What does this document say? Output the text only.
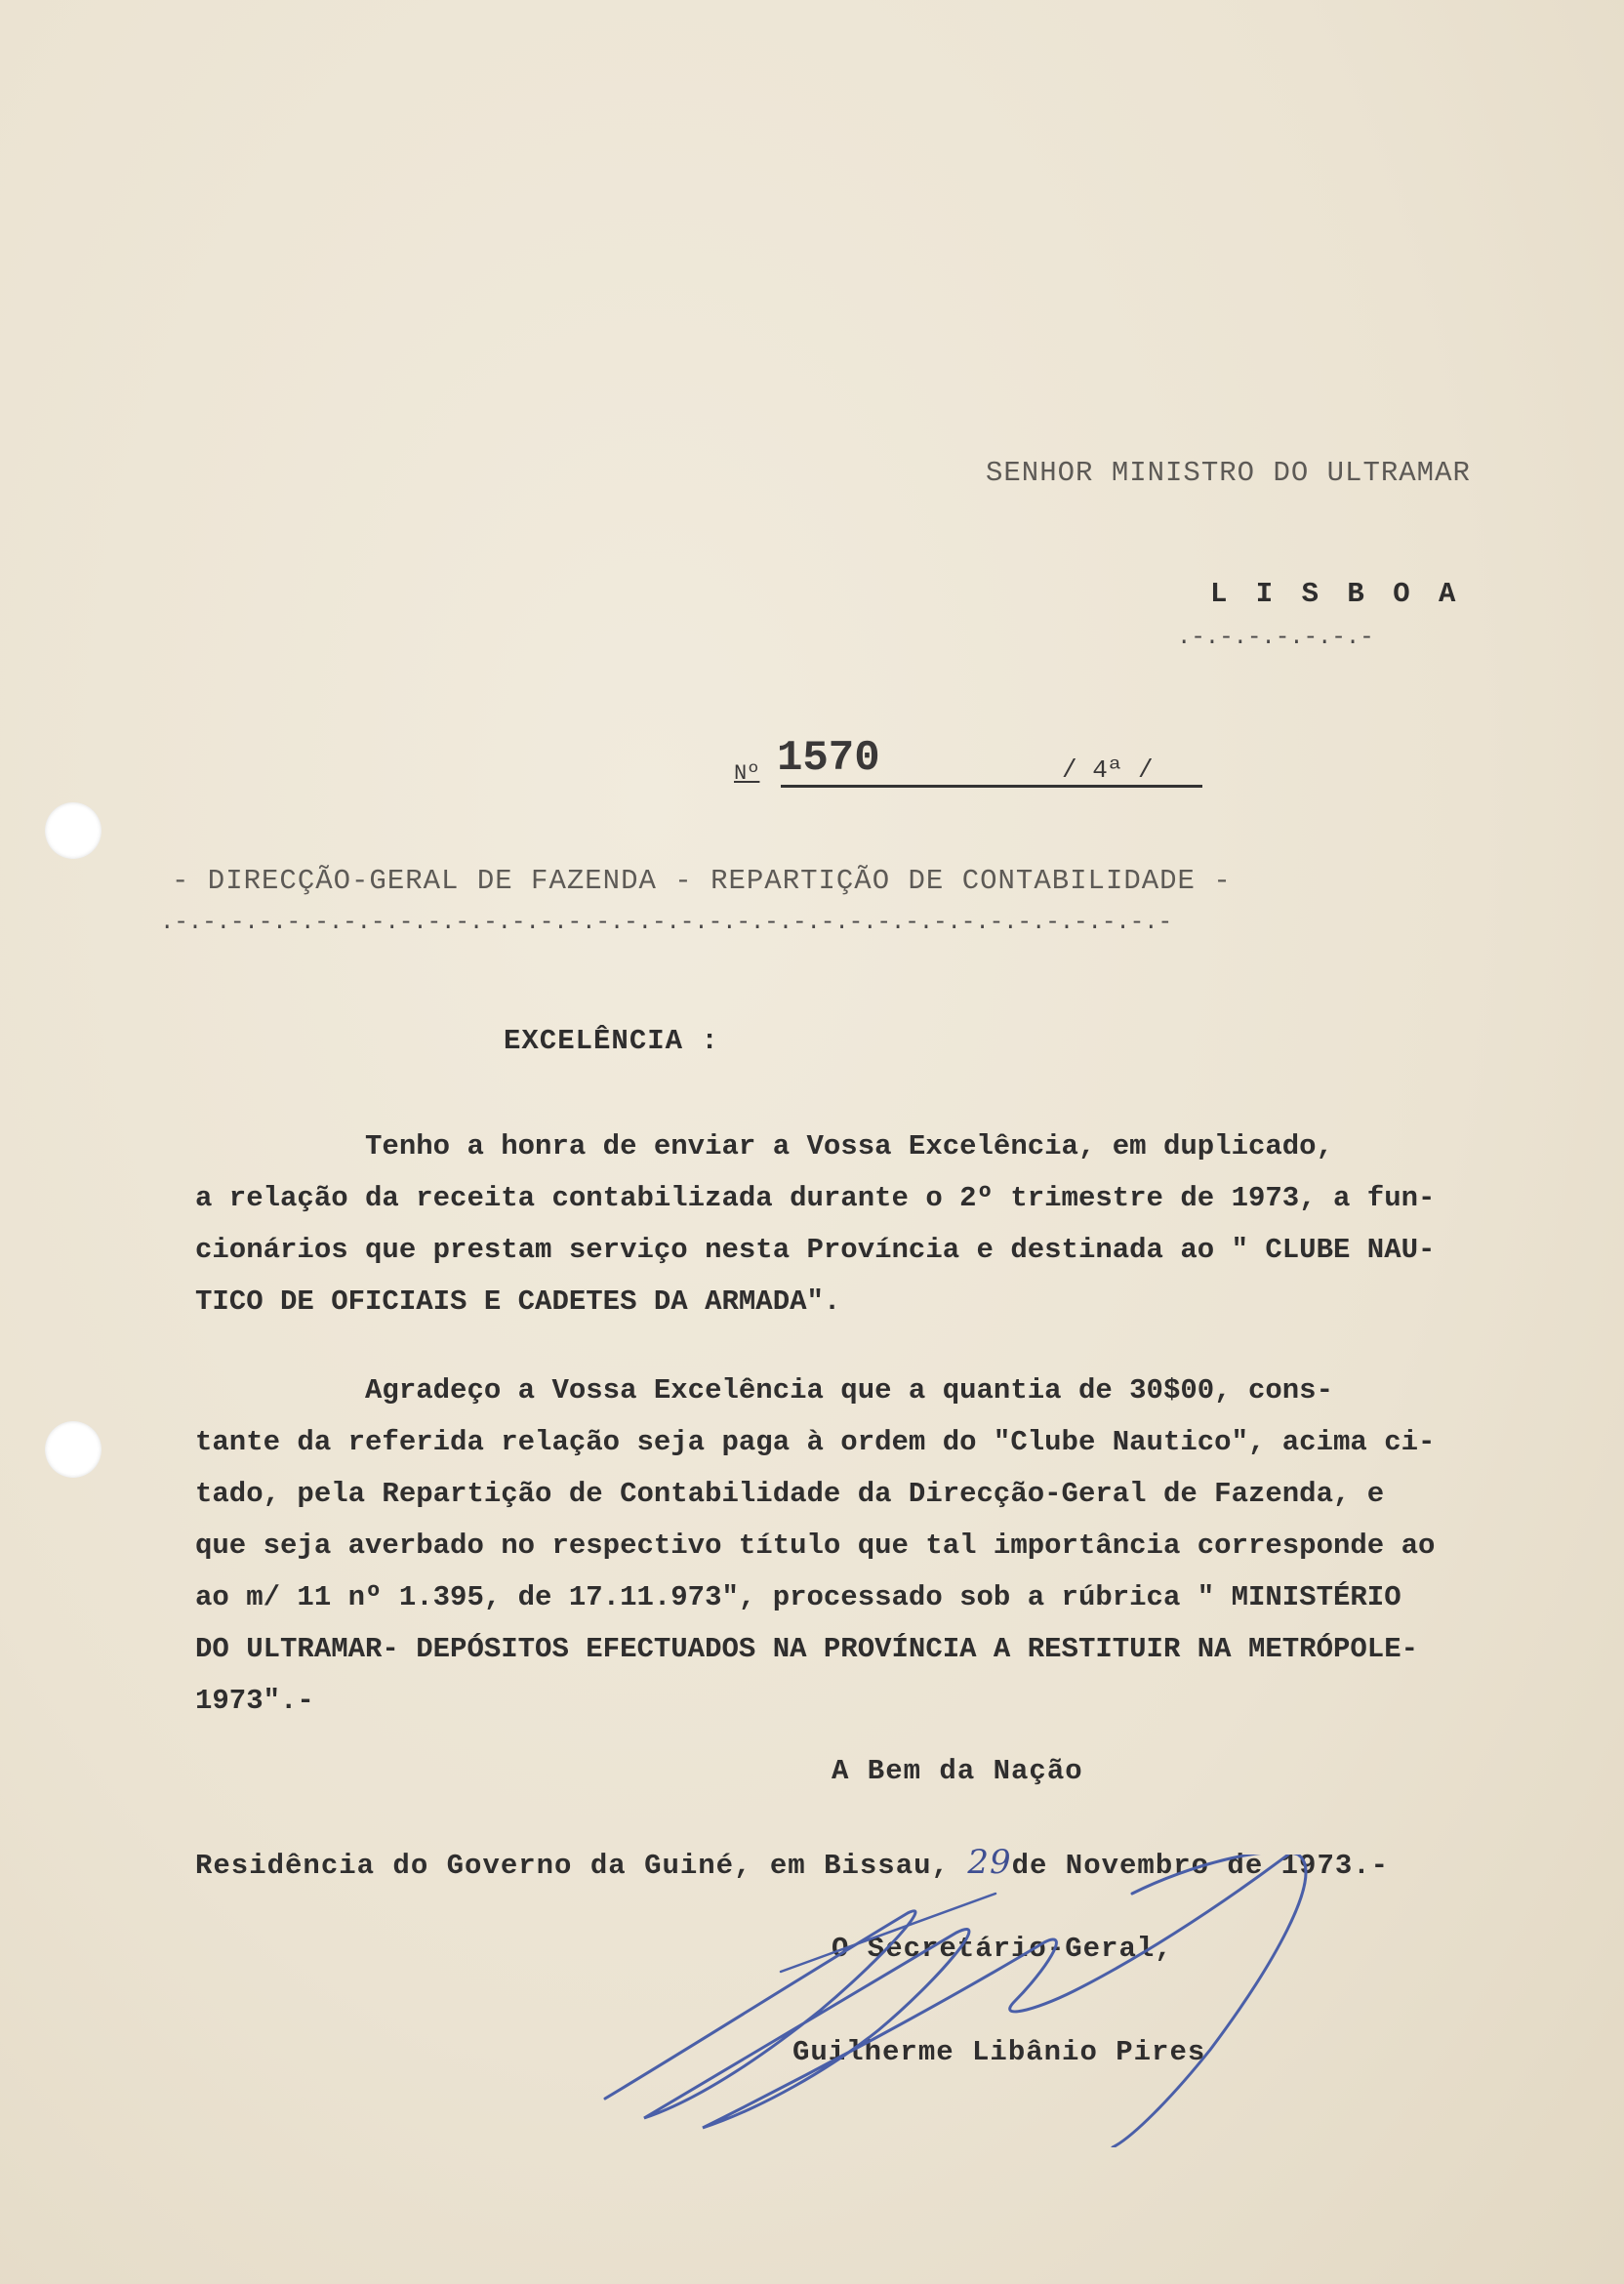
SENHOR MINISTRO DO ULTRAMAR
L I S B O A
.-.-.-.-.-.-.-
Nº 1570	/ 4ª /
- DIRECÇÃO-GERAL DE FAZENDA - REPARTIÇÃO DE CONTABILIDADE -
.-.-.-.-.-.-.-.-.-.-.-.-.-.-.-.-.-.-.-.-.-.-.-.-.-.-.-.-.-.-.-.-.-.-.-.-
EXCELÊNCIA :
Tenho a honra de enviar a Vossa Excelência, em duplicado,
a relação da receita contabilizada durante o 2º trimestre de 1973, a fun-
cionários que prestam serviço nesta Província e destinada ao " CLUBE NAU-
TICO DE OFICIAIS E CADETES DA ARMADA".
Agradeço a Vossa Excelência que a quantia de 30$00, cons-
tante da referida relação seja paga à ordem do "Clube Nautico", acima ci-
tado, pela Repartição de Contabilidade da Direcção-Geral de Fazenda, e
que seja averbado no respectivo título que tal importância corresponde ao
ao m/ 11 nº 1.395, de 17.11.973", processado sob a rúbrica " MINISTÉRIO
DO ULTRAMAR- DEPÓSITOS EFECTUADOS NA PROVÍNCIA A RESTITUIR NA METRÓPOLE-
1973".-
A Bem da Nação
Residência do Governo da Guiné, em Bissau, 29de Novembro de 1973.-
O Secretário-Geral,
Guilherme Libânio Pires
